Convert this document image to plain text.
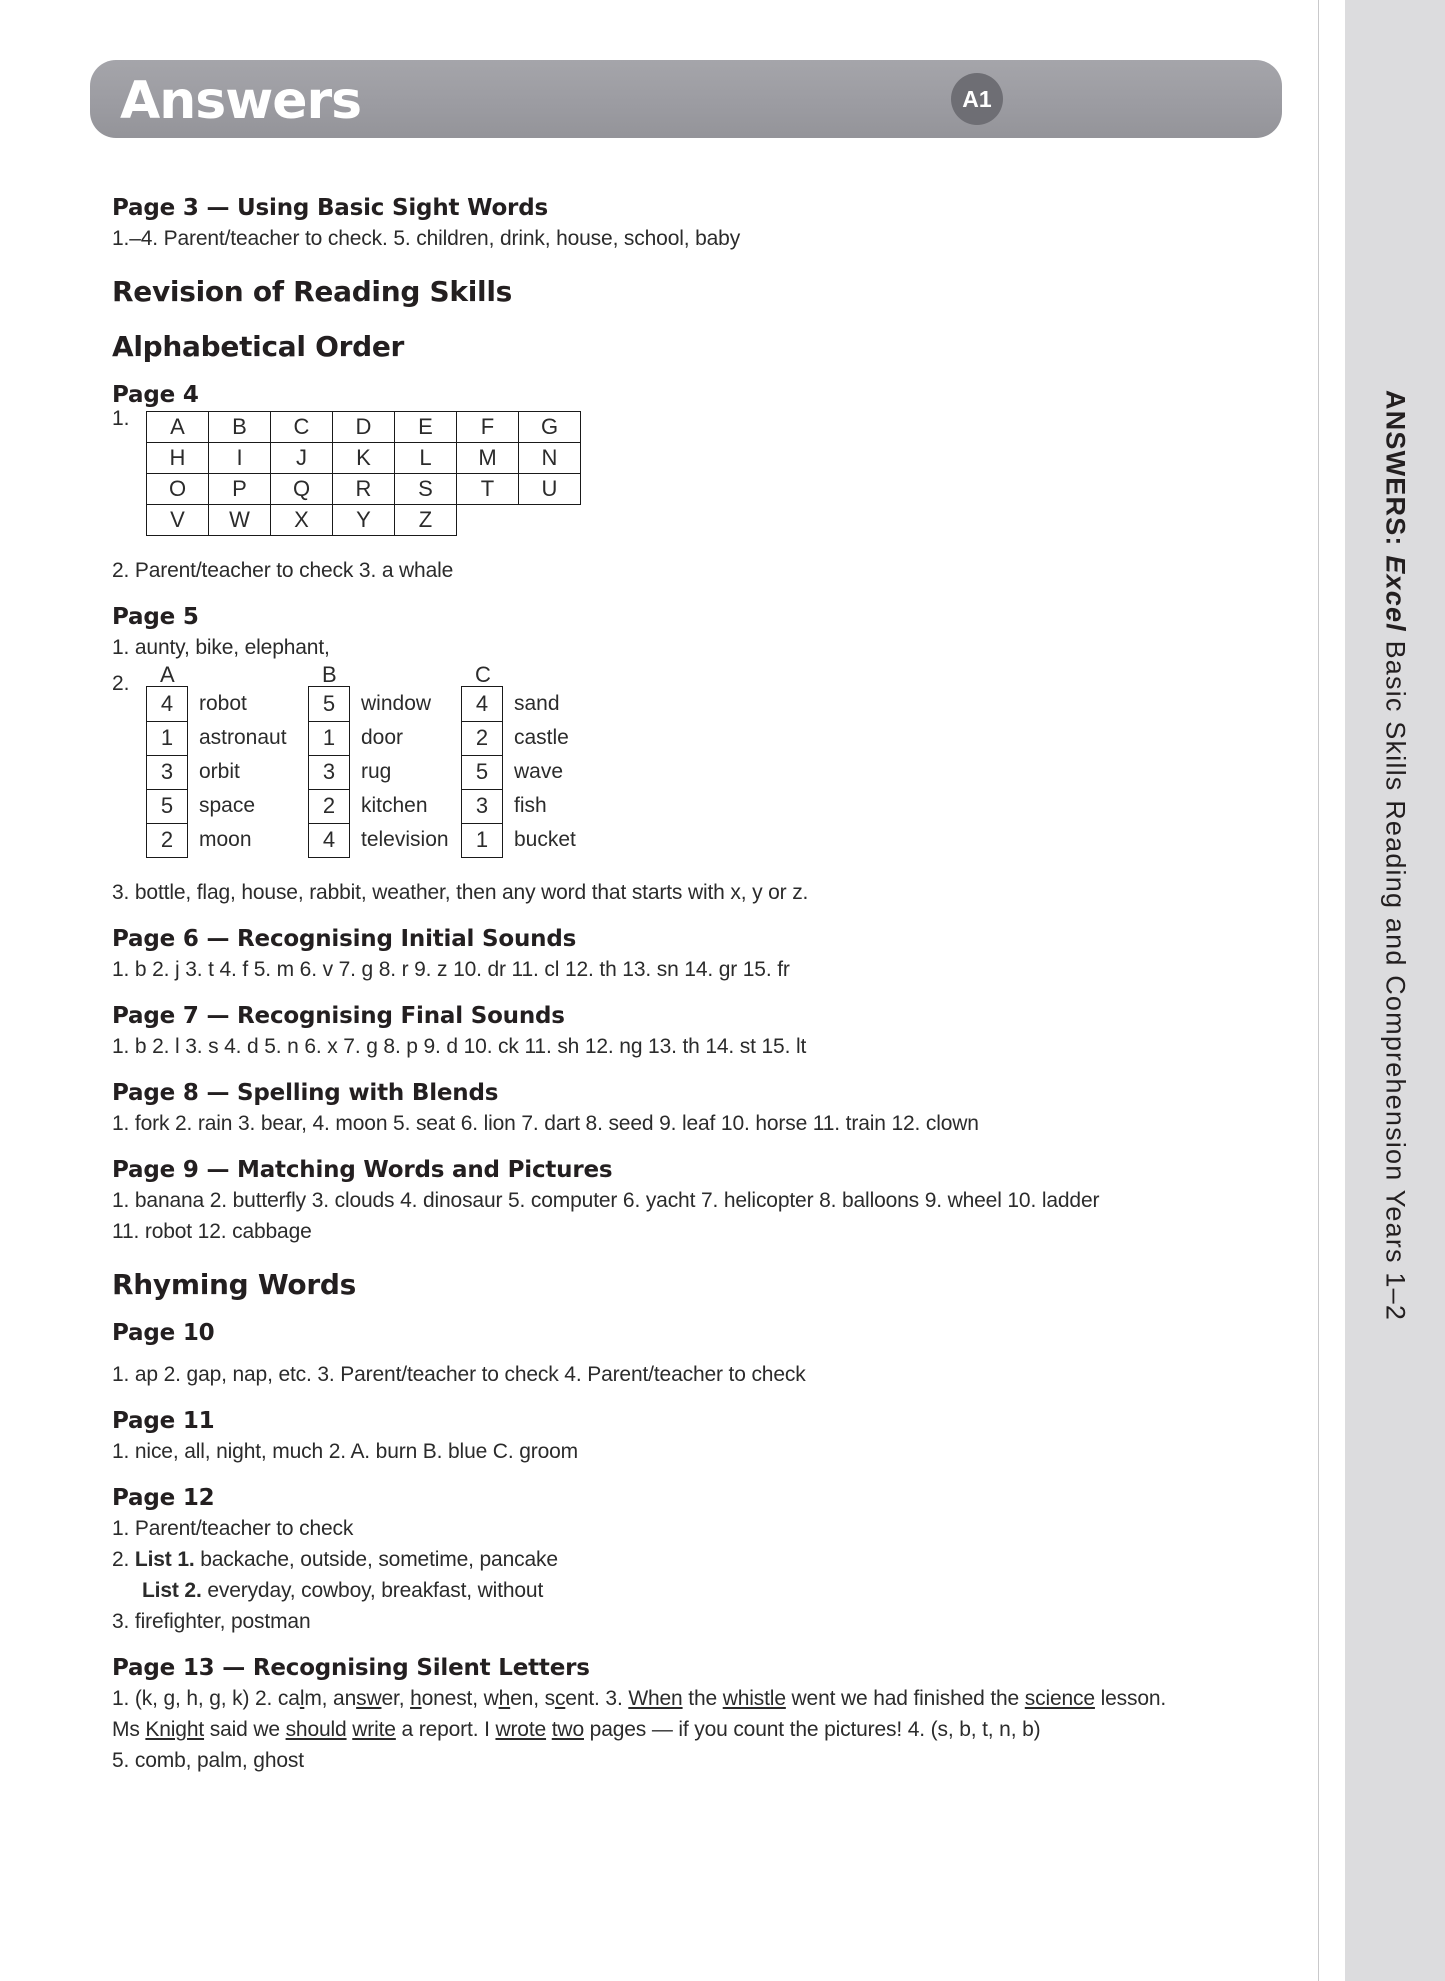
Answers	A1
ANSWERS: Excel Basic Skills Reading and Comprehension Years 1–2
Page 3 — Using Basic Sight Words
1.–4. Parent/teacher to check. 5. children, drink, house, school, baby
Revision of Reading Skills
Alphabetical Order
Page 4
1. A	B	C	D	E	F	G
H	I	J	K	L	M	N
O	P	Q	R	S	T	U
V	W	X	Y	Z		
2. Parent/teacher to check 3. a whale
Page 5
1. aunty, bike, elephant,
2. A
4	robot
1	astronaut
3	orbit
5	space
2	moon
B
5	window
1	door
3	rug
2	kitchen
4	television
C
4	sand
2	castle
5	wave
3	fish
1	bucket
3. bottle, flag, house, rabbit, weather, then any word that starts with x, y or z.
Page 6 — Recognising Initial Sounds
1. b 2. j 3. t 4. f 5. m 6. v 7. g 8. r 9. z 10. dr 11. cl 12. th 13. sn 14. gr 15. fr
Page 7 — Recognising Final Sounds
1. b 2. l 3. s 4. d 5. n 6. x 7. g 8. p 9. d 10. ck 11. sh 12. ng 13. th 14. st 15. lt
Page 8 — Spelling with Blends
1. fork 2. rain 3. bear, 4. moon 5. seat 6. lion 7. dart 8. seed 9. leaf 10. horse 11. train 12. clown
Page 9 — Matching Words and Pictures
1. banana 2. butterfly 3. clouds 4. dinosaur 5. computer 6. yacht 7. helicopter 8. balloons 9. wheel 10. ladder
11. robot 12. cabbage
Rhyming Words
Page 10
1. ap 2. gap, nap, etc. 3. Parent/teacher to check 4. Parent/teacher to check
Page 11
1. nice, all, night, much 2. A. burn B. blue C. groom
Page 12
1. Parent/teacher to check
2. List 1. backache, outside, sometime, pancake
List 2. everyday, cowboy, breakfast, without
3. firefighter, postman
Page 13 — Recognising Silent Letters
1. (k, g, h, g, k) 2. calm, answer, honest, when, scent. 3. When the whistle went we had finished the science lesson.
Ms Knight said we should write a report. I wrote two pages — if you count the pictures! 4. (s, b, t, n, b)
5. comb, palm, ghost
